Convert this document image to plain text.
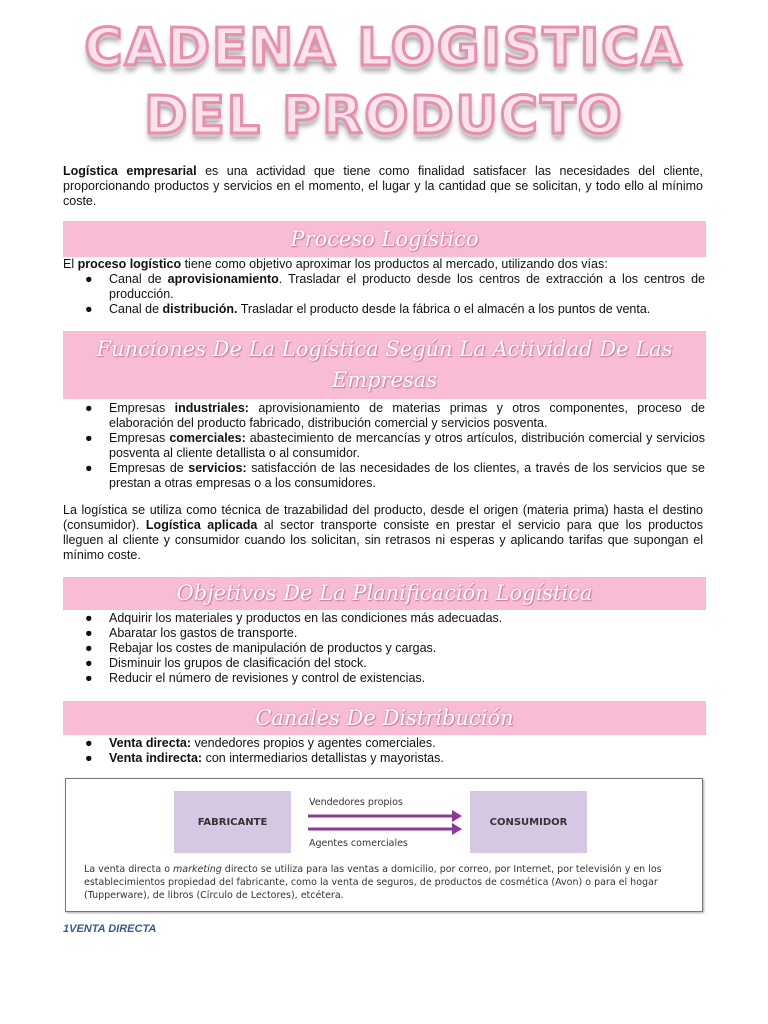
CADENA LOGISTICA
DEL PRODUCTO
Logística empresarial es una actividad que tiene como finalidad satisfacer las necesidades del cliente, proporcionando productos y servicios en el momento, el lugar y la cantidad que se solicitan, y todo ello al mínimo coste.
Proceso Logístico
El proceso logístico tiene como objetivo aproximar los productos al mercado, utilizando dos vías:
● Canal de aprovisionamiento. Trasladar el producto desde los centros de extracción a los centros de producción.
● Canal de distribución. Trasladar el producto desde la fábrica o el almacén a los puntos de venta.
Funciones De La Logística Según La Actividad De Las Empresas
● Empresas industriales: aprovisionamiento de materias primas y otros componentes, proceso de elaboración del producto fabricado, distribución comercial y servicios posventa.
● Empresas comerciales: abastecimiento de mercancías y otros artículos, distribución comercial y servicios posventa al cliente detallista o al consumidor.
● Empresas de servicios: satisfacción de las necesidades de los clientes, a través de los servicios que se prestan a otras empresas o a los consumidores.
La logística se utiliza como técnica de trazabilidad del producto, desde el origen (materia prima) hasta el destino (consumidor). Logística aplicada al sector transporte consiste en prestar el servicio para que los productos lleguen al cliente y consumidor cuando los solicitan, sin retrasos ni esperas y aplicando tarifas que supongan el mínimo coste.
Objetivos De La Planificación Logística
● Adquirir los materiales y productos en las condiciones más adecuadas.
● Abaratar los gastos de transporte.
● Rebajar los costes de manipulación de productos y cargas.
● Disminuir los grupos de clasificación del stock.
● Reducir el número de revisiones y control de existencias.
Canales De Distribución
● Venta directa: vendedores propios y agentes comerciales.
● Venta indirecta: con intermediarios detallistas y mayoristas.
FABRICANTE	CONSUMIDOR
Vendedores propios
Agentes comerciales
La venta directa o marketing directo se utiliza para las ventas a domicilio, por correo, por Internet, por televisión y en los establecimientos propiedad del fabricante, como la venta de seguros, de productos de cosmética (Avon) o para el hogar (Tupperware), de libros (Círculo de Lectores), etcétera.
1VENTA DIRECTA
